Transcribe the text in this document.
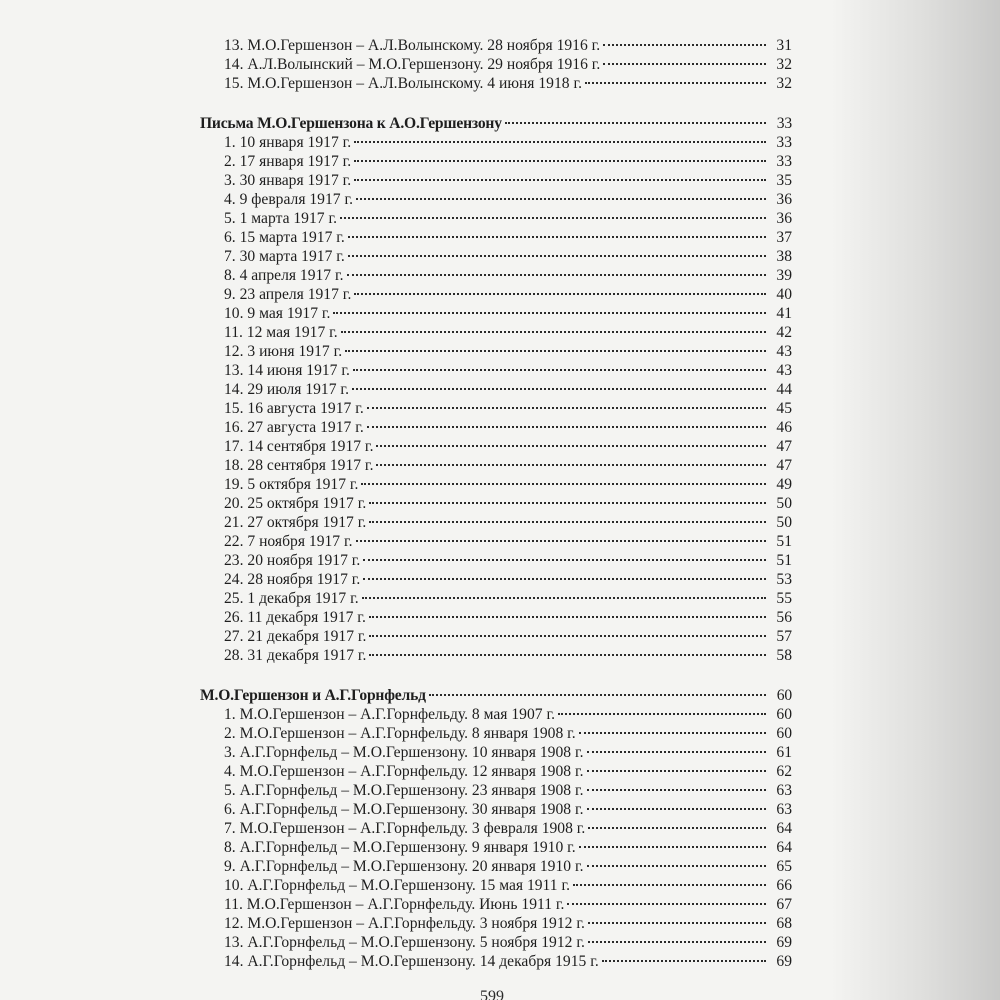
13. М.О.Гершензон – А.Л.Волынскому. 28 ноября 1916 г.	31
14. А.Л.Волынский – М.О.Гершензону. 29 ноября 1916 г.	32
15. М.О.Гершензон – А.Л.Волынскому. 4 июня 1918 г.	32
Письма М.О.Гершензона к А.О.Гершензону	33
1. 10 января 1917 г.	33
2. 17 января 1917 г.	33
3. 30 января 1917 г.	35
4. 9 февраля 1917 г.	36
5. 1 марта 1917 г.	36
6. 15 марта 1917 г.	37
7. 30 марта 1917 г.	38
8. 4 апреля 1917 г.	39
9. 23 апреля 1917 г.	40
10. 9 мая 1917 г.	41
11. 12 мая 1917 г.	42
12. 3 июня 1917 г.	43
13. 14 июня 1917 г.	43
14. 29 июля 1917 г.	44
15. 16 августа 1917 г.	45
16. 27 августа 1917 г.	46
17. 14 сентября 1917 г.	47
18. 28 сентября 1917 г.	47
19. 5 октября 1917 г.	49
20. 25 октября 1917 г.	50
21. 27 октября 1917 г.	50
22. 7 ноября 1917 г.	51
23. 20 ноября 1917 г.	51
24. 28 ноября 1917 г.	53
25. 1 декабря 1917 г.	55
26. 11 декабря 1917 г.	56
27. 21 декабря 1917 г.	57
28. 31 декабря 1917 г.	58
М.О.Гершензон и А.Г.Горнфельд	60
1. М.О.Гершензон – А.Г.Горнфельду. 8 мая 1907 г.	60
2. М.О.Гершензон – А.Г.Горнфельду. 8 января 1908 г.	60
3. А.Г.Горнфельд – М.О.Гершензону. 10 января 1908 г.	61
4. М.О.Гершензон – А.Г.Горнфельду. 12 января 1908 г.	62
5. А.Г.Горнфельд – М.О.Гершензону. 23 января 1908 г.	63
6. А.Г.Горнфельд – М.О.Гершензону. 30 января 1908 г.	63
7. М.О.Гершензон – А.Г.Горнфельду. 3 февраля 1908 г.	64
8. А.Г.Горнфельд – М.О.Гершензону. 9 января 1910 г.	64
9. А.Г.Горнфельд – М.О.Гершензону. 20 января 1910 г.	65
10. А.Г.Горнфельд – М.О.Гершензону. 15 мая 1911 г.	66
11. М.О.Гершензон – А.Г.Горнфельду. Июнь 1911 г.	67
12. М.О.Гершензон – А.Г.Горнфельду. 3 ноября 1912 г.	68
13. А.Г.Горнфельд – М.О.Гершензону. 5 ноября 1912 г.	69
14. А.Г.Горнфельд – М.О.Гершензону. 14 декабря 1915 г.	69
599
